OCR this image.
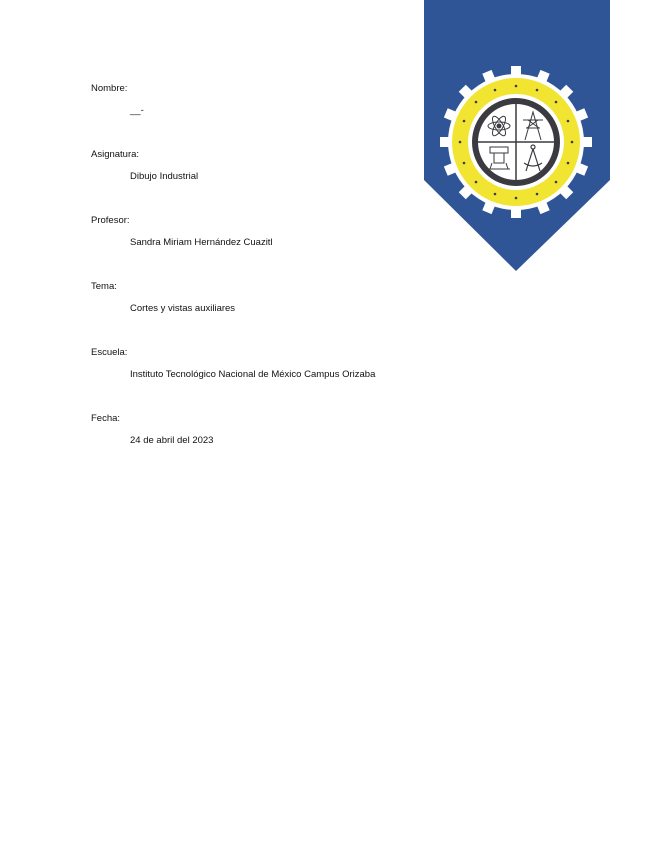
Nombre:
__-
Asignatura:
Dibujo Industrial
Profesor:
Sandra Miriam Hernández Cuazitl
Tema:
Cortes y vistas auxiliares
Escuela:
Instituto Tecnológico Nacional de México Campus Orizaba
Fecha:
24 de abril del 2023
